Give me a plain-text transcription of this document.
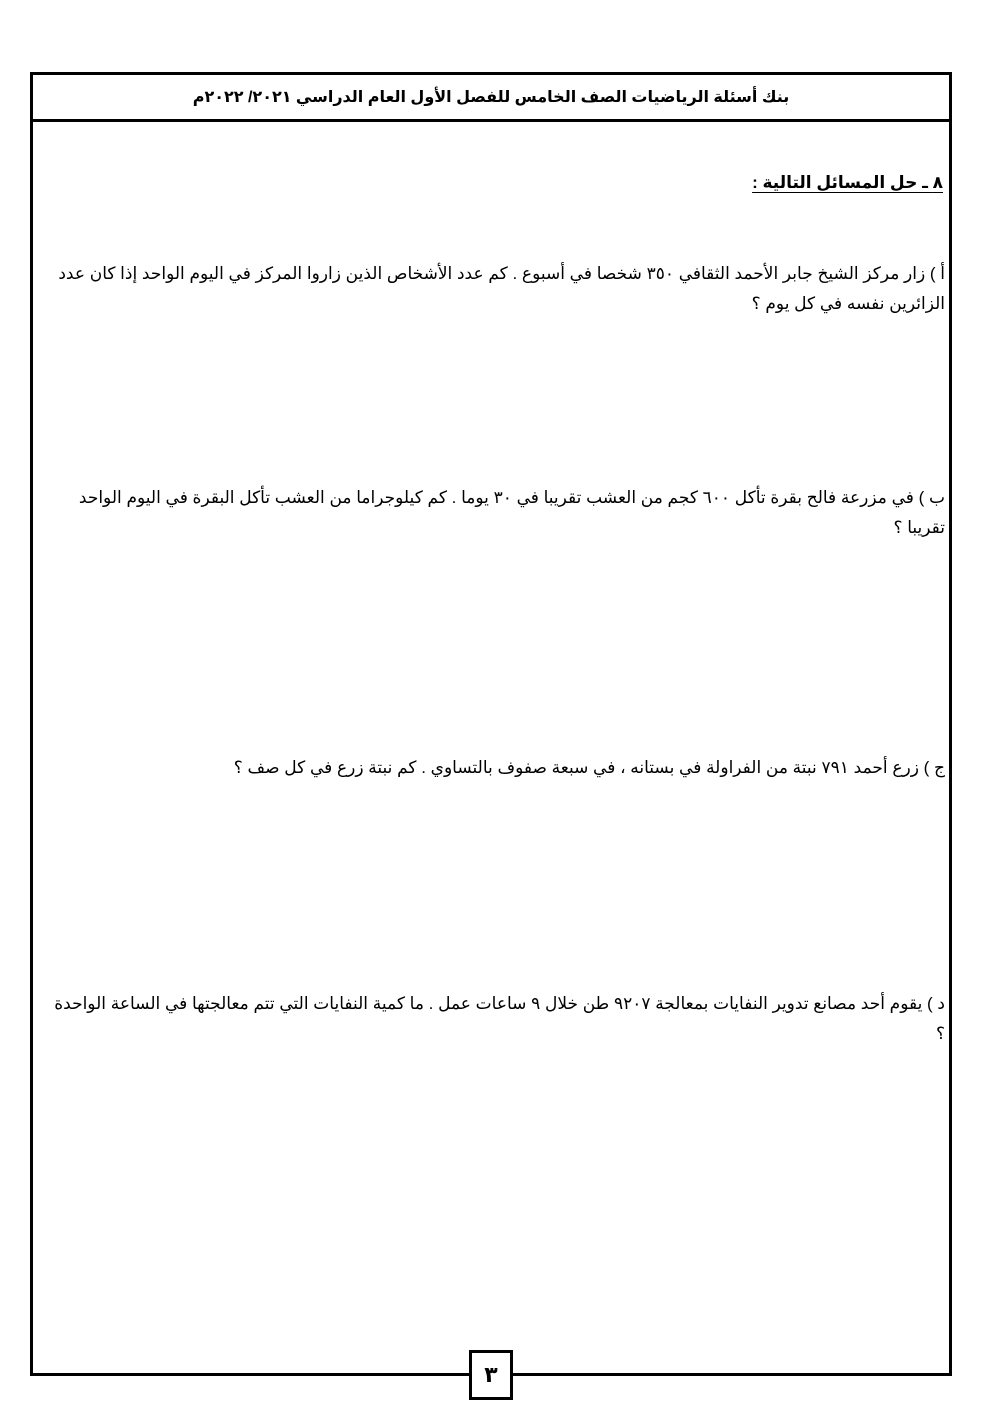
بنك أسئلة الرياضيات الصف الخامس للفصل الأول العام الدراسي ٢٠٢١/ ٢٠٢٢م
٨ ـ حل المسائل التالية :
أ ) زار مركز الشيخ جابر الأحمد الثقافي ٣٥٠ شخصا في أسبوع . كم عدد الأشخاص الذين زاروا المركز في اليوم الواحد إذا كان عدد الزائرين نفسه في كل يوم ؟
ب ) في مزرعة فالح بقرة تأكل ٦٠٠ كجم من العشب تقريبا في ٣٠ يوما . كم كيلوجراما من العشب تأكل البقرة في اليوم الواحد تقريبا ؟
ج ) زرع أحمد ٧٩١ نبتة من الفراولة في بستانه ، في سبعة صفوف بالتساوي . كم نبتة زرع في كل صف ؟
د ) يقوم أحد مصانع تدوير النفايات بمعالجة ٩٢٠٧ طن خلال ٩ ساعات عمل . ما كمية النفايات التي تتم معالجتها في الساعة الواحدة ؟
٣
